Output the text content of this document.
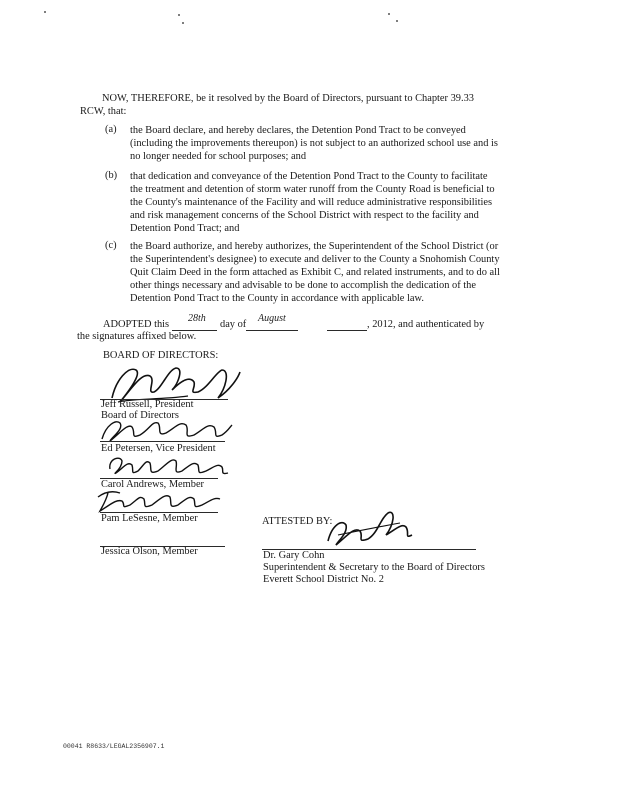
NOW, THEREFORE, be it resolved by the Board of Directors, pursuant to Chapter 39.33
RCW, that:
(a) the Board declare, and hereby declares, the Detention Pond Tract to be conveyed
(including the improvements thereupon) is not subject to an authorized school use and is
no longer needed for school purposes; and
(b) that dedication and conveyance of the Detention Pond Tract to the County to facilitate
the treatment and detention of storm water runoff from the County Road is beneficial to
the County's maintenance of the Facility and will reduce administrative responsibilities
and risk management concerns of the School District with respect to the facility and
Detention Pond Tract; and
(c) the Board authorize, and hereby authorizes, the Superintendent of the School District (or
the Superintendent's designee) to execute and deliver to the County a Snohomish County
Quit Claim Deed in the form attached as Exhibit C, and related instruments, and to do all
other things necessary and advisable to be done to accomplish the dedication of the
Detention Pond Tract to the County in accordance with applicable law.
ADOPTED this
28th
day of
August
, 2012, and authenticated by
the signatures affixed below.
BOARD OF DIRECTORS:
Jeff Russell, President
Board of Directors
Ed Petersen, Vice President
Carol Andrews, Member
Pam LeSesne, Member
Jessica Olson, Member
ATTESTED BY:
Dr. Gary Cohn
Superintendent & Secretary to the Board of Directors
Everett School District No. 2
00041 R8633/LEGAL2356907.1
